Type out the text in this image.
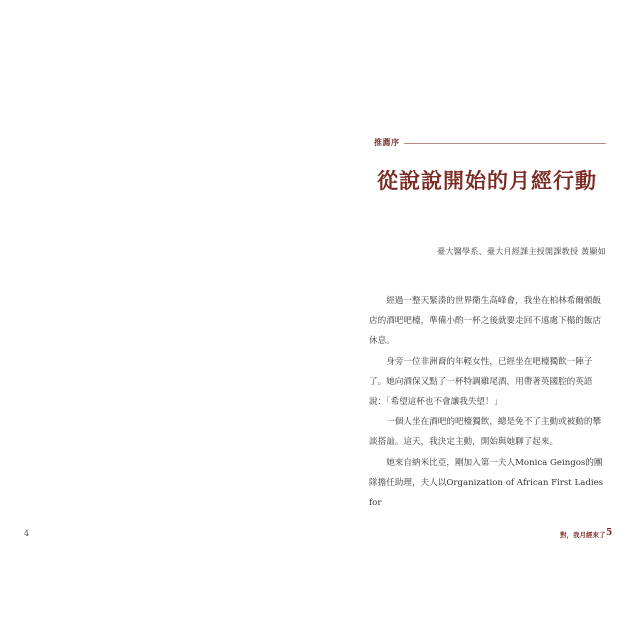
4
推薦序
從說說開始的月經行動
臺大醫學系、臺大月經課主授開課教授 黃顯如

　　經過一整天緊湊的世界衛生高峰會，我坐在柏林希爾頓飯店的酒吧吧檯，準備小酌一杯之後就要走回不遠處下榻的飯店休息。

　　身旁一位非洲裔的年輕女性，已經坐在吧檯獨飲一陣子了。她向酒保又點了一杯特調雞尾酒，用帶著英國腔的英語說：「希望這杯也不會讓我失望！」

　　一個人坐在酒吧的吧檯獨飲，總是免不了主動或被動的攀談搭訕。這天，我決定主動，開始與她聊了起來。

　　她來自納米比亞，剛加入第一夫人Monica Geingos的團隊擔任助理，夫人以Organization of African First Ladies for

對，我月經來了 5
